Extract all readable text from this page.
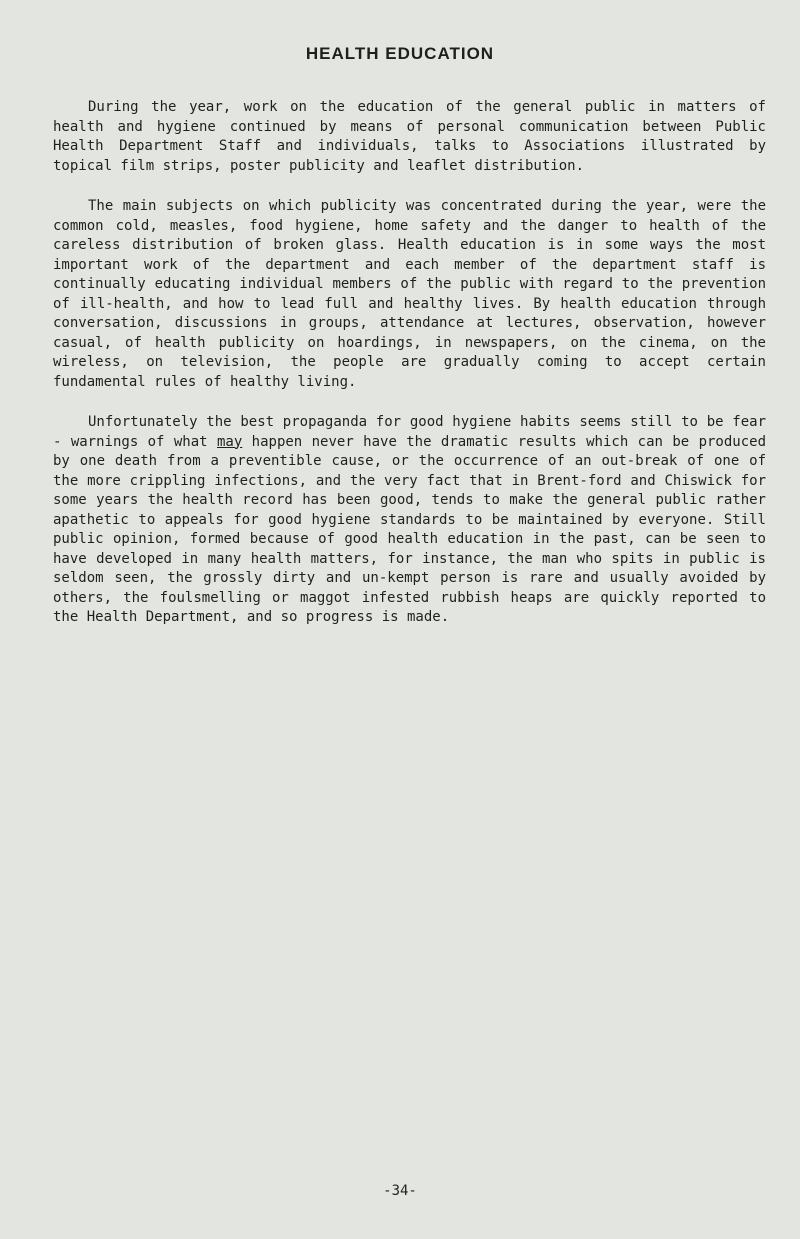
HEALTH EDUCATION

During the year, work on the education of the general public in matters of health and hygiene continued by means of personal communication between Public Health Department Staff and individuals, talks to Associations illustrated by topical film strips, poster publicity and leaflet distribution.

The main subjects on which publicity was concentrated during the year, were the common cold, measles, food hygiene, home safety and the danger to health of the careless distribution of broken glass. Health education is in some ways the most important work of the department and each member of the department staff is continually educating individual members of the public with regard to the prevention of ill-health, and how to lead full and healthy lives. By health education through conversation, discussions in groups, attendance at lectures, observation, however casual, of health publicity on hoardings, in newspapers, on the cinema, on the wireless, on television, the people are gradually coming to accept certain fundamental rules of healthy living.

Unfortunately the best propaganda for good hygiene habits seems still to be fear - warnings of what may happen never have the dramatic results which can be produced by one death from a preventible cause, or the occurrence of an out-break of one of the more crippling infections, and the very fact that in Brent-ford and Chiswick for some years the health record has been good, tends to make the general public rather apathetic to appeals for good hygiene standards to be maintained by everyone. Still public opinion, formed because of good health education in the past, can be seen to have developed in many health matters, for instance, the man who spits in public is seldom seen, the grossly dirty and un-kempt person is rare and usually avoided by others, the foulsmelling or maggot infested rubbish heaps are quickly reported to the Health Department, and so progress is made.

-34-
